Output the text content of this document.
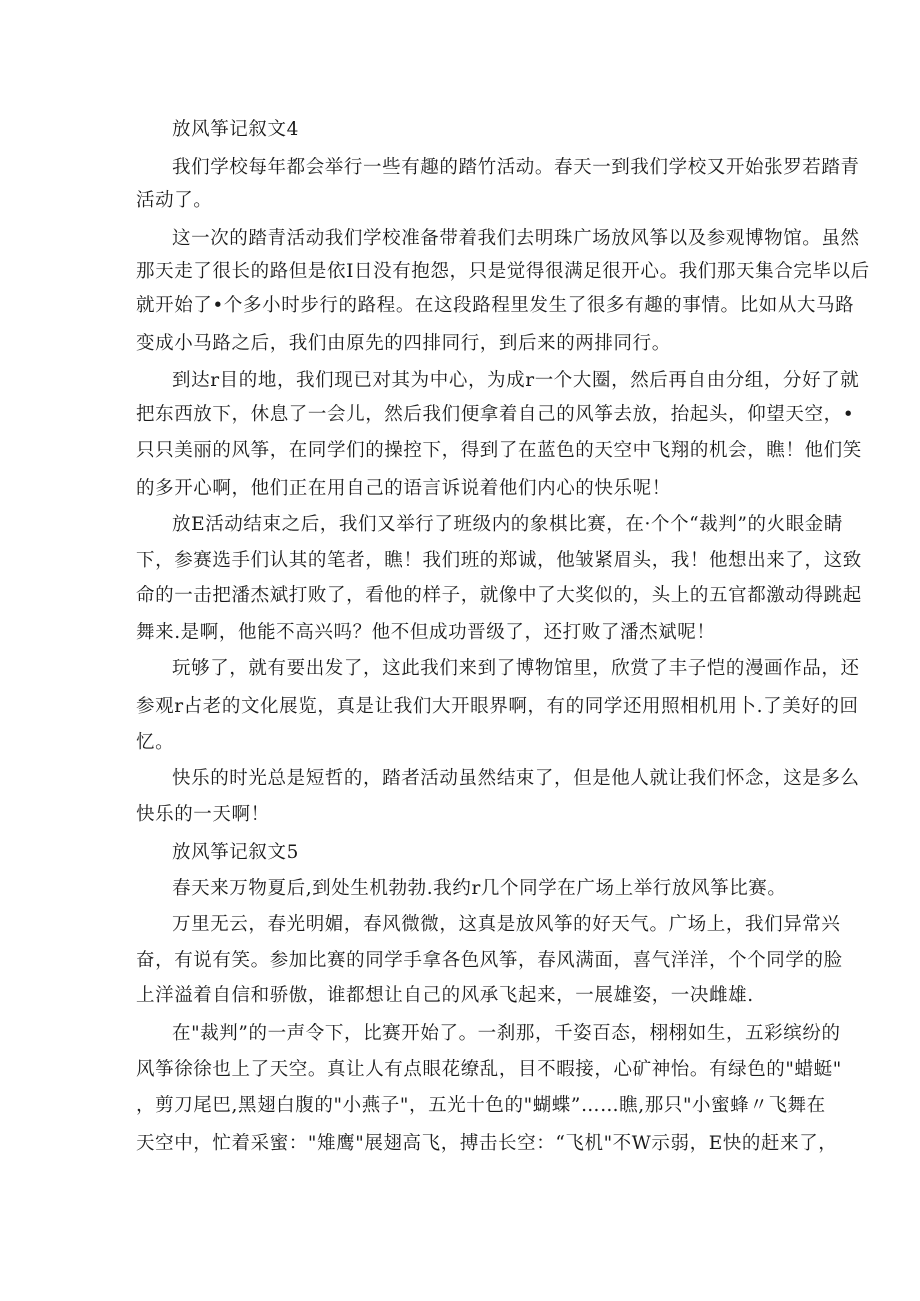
放风筝记叙文4
我们学校每年都会举行一些有趣的踏竹活动。春天一到我们学校又开始张罗若踏青
活动了。
这一次的踏青活动我们学校准备带着我们去明珠广场放风筝以及参观博物馆。虽然
那天走了很长的路但是依I日没有抱怨，只是觉得很满足很开心。我们那天集合完毕以后
就开始了•个多小时步行的路程。在这段路程里发生了很多有趣的事情。比如从大马路
变成小马路之后，我们由原先的四排同行，到后来的两排同行。
到达r目的地，我们现已对其为中心，为成r一个大圈，然后再自由分组，分好了就
把东西放下，休息了一会儿，然后我们便拿着自己的风筝去放，抬起头，仰望天空，•
只只美丽的风筝，在同学们的操控下，得到了在蓝色的天空中飞翔的机会，瞧！他们笑
的多开心啊，他们正在用自己的语言诉说着他们内心的快乐呢！
放E活动结束之后，我们又举行了班级内的象棋比赛，在·个个“裁判”的火眼金睛
下，参赛选手们认其的笔者，瞧！我们班的郑诚，他皱紧眉头，我！他想出来了，这致
命的一击把潘杰斌打败了，看他的样子，就像中了大奖似的，头上的五官都激动得跳起
舞来.是啊，他能不高兴吗？他不但成功晋级了，还打败了潘杰斌呢！
玩够了，就有要出发了，这此我们来到了博物馆里，欣赏了丰子恺的漫画作品，还
参观r占老的文化展览，真是让我们大开眼界啊，有的同学还用照相机用卜.了美好的回
忆。
快乐的时光总是短哲的，踏者活动虽然结束了，但是他人就让我们怀念，这是多么
快乐的一天啊！
放风筝记叙文5
春天来万物夏后,到处生机勃勃.我约r几个同学在广场上举行放风筝比赛。
万里无云，春光明媚，春风微微，这真是放风筝的好天气。广场上，我们异常兴
奋，有说有笑。参加比赛的同学手拿各色风筝，春风满面，喜气洋洋，个个同学的脸
上洋溢着自信和骄傲，谁都想让自己的风承飞起来，一展雄姿，一决雌雄.
在"裁判”的一声令下，比赛开始了。一刹那，千姿百态，栩栩如生，五彩缤纷的
风筝徐徐也上了天空。真让人有点眼花缭乱，目不暇接，心矿神怡。有绿色的"蜡蜓"
，剪刀尾巴,黑翅白腹的"小燕子"，五光十色的"蝴蝶”……瞧,那只"小蜜蜂〃飞舞在
天空中，忙着采蜜："雉鹰"展翅高飞，搏击长空：“飞机"不W示弱，E快的赶来了，
